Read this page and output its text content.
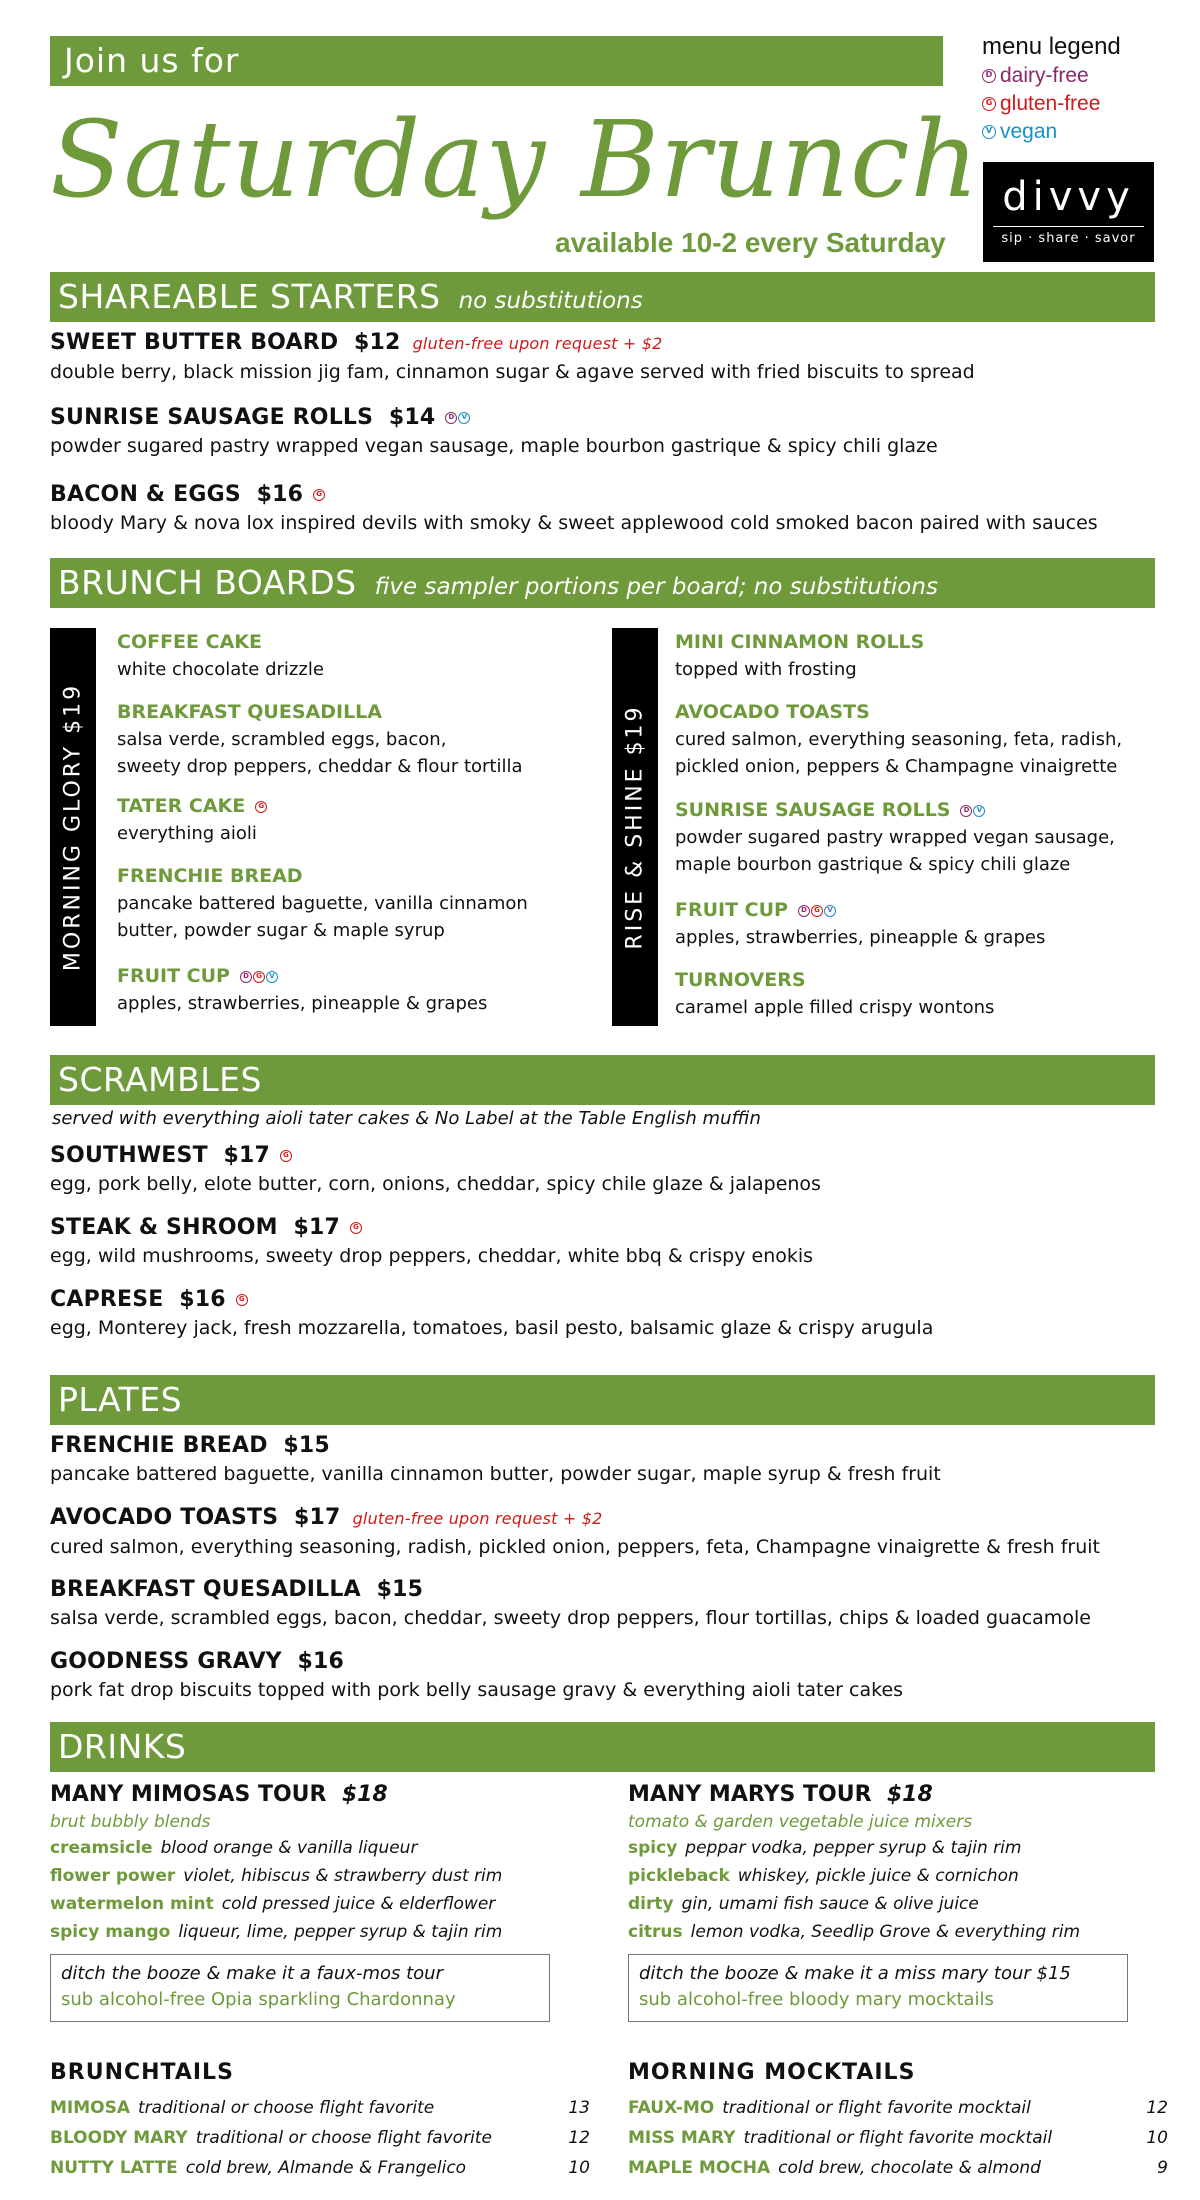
Join us for
Saturday Brunch
available 10-2 every Saturday
menu legend
D dairy-free
G gluten-free
V vegan
divvy
sip · share · savor
SHAREABLE STARTERS no substitutions
SWEET BUTTER BOARD $12 gluten-free upon request + $2
double berry, black mission jig fam, cinnamon sugar & agave served with fried biscuits to spread
SUNRISE SAUSAGE ROLLS $14 D V
powder sugared pastry wrapped vegan sausage, maple bourbon gastrique & spicy chili glaze
BACON & EGGS $16 G
bloody Mary & nova lox inspired devils with smoky & sweet applewood cold smoked bacon paired with sauces
BRUNCH BOARDS five sampler portions per board; no substitutions
MORNING GLORY $19
COFFEE CAKE
white chocolate drizzle
BREAKFAST QUESADILLA
salsa verde, scrambled eggs, bacon,
sweety drop peppers, cheddar & flour tortilla
TATER CAKE G
everything aioli
FRENCHIE BREAD
pancake battered baguette, vanilla cinnamon
butter, powder sugar & maple syrup
FRUIT CUP D G V
apples, strawberries, pineapple & grapes
RISE & SHINE $19
MINI CINNAMON ROLLS
topped with frosting
AVOCADO TOASTS
cured salmon, everything seasoning, feta, radish,
pickled onion, peppers & Champagne vinaigrette
SUNRISE SAUSAGE ROLLS D V
powder sugared pastry wrapped vegan sausage,
maple bourbon gastrique & spicy chili glaze
FRUIT CUP D G V
apples, strawberries, pineapple & grapes
TURNOVERS
caramel apple filled crispy wontons
SCRAMBLES
served with everything aioli tater cakes & No Label at the Table English muffin
SOUTHWEST $17 G
egg, pork belly, elote butter, corn, onions, cheddar, spicy chile glaze & jalapenos
STEAK & SHROOM $17 G
egg, wild mushrooms, sweety drop peppers, cheddar, white bbq & crispy enokis
CAPRESE $16 G
egg, Monterey jack, fresh mozzarella, tomatoes, basil pesto, balsamic glaze & crispy arugula
PLATES
FRENCHIE BREAD $15
pancake battered baguette, vanilla cinnamon butter, powder sugar, maple syrup & fresh fruit
AVOCADO TOASTS $17 gluten-free upon request + $2
cured salmon, everything seasoning, radish, pickled onion, peppers, feta, Champagne vinaigrette & fresh fruit
BREAKFAST QUESADILLA $15
salsa verde, scrambled eggs, bacon, cheddar, sweety drop peppers, flour tortillas, chips & loaded guacamole
GOODNESS GRAVY $16
pork fat drop biscuits topped with pork belly sausage gravy & everything aioli tater cakes
DRINKS
MANY MIMOSAS TOUR $18
brut bubbly blends
creamsicle blood orange & vanilla liqueur
flower power violet, hibiscus & strawberry dust rim
watermelon mint cold pressed juice & elderflower
spicy mango liqueur, lime, pepper syrup & tajin rim
ditch the booze & make it a faux-mos tour
sub alcohol-free Opia sparkling Chardonnay
MANY MARYS TOUR $18
tomato & garden vegetable juice mixers
spicy peppar vodka, pepper syrup & tajin rim
pickleback whiskey, pickle juice & cornichon
dirty gin, umami fish sauce & olive juice
citrus lemon vodka, Seedlip Grove & everything rim
ditch the booze & make it a miss mary tour $15
sub alcohol-free bloody mary mocktails
BRUNCHTAILS
MIMOSA traditional or choose flight favorite	13
BLOODY MARY traditional or choose flight favorite	12
NUTTY LATTE cold brew, Almande & Frangelico	10
MORNING MOCKTAILS
FAUX-MO traditional or flight favorite mocktail	12
MISS MARY traditional or flight favorite mocktail	10
MAPLE MOCHA cold brew, chocolate & almond	9
